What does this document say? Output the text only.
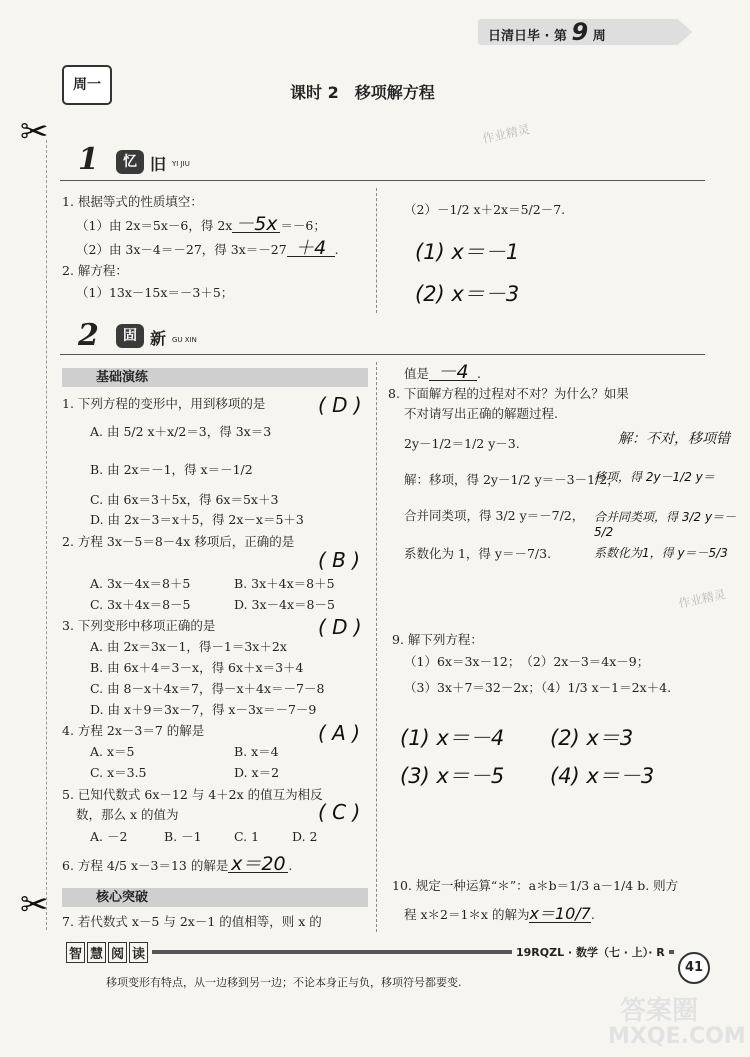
日清日毕 · 第 9 周
周一	课时 2　移项解方程
✂
✂
作业精灵
作业精灵
1	忆 旧 YI JIU
1. 根据等式的性质填空：
（1）由 2x＝5x－6，得 2x －5x ＝－6；
（2）由 3x－4＝－27，得 3x＝－27 ＋4 .
2. 解方程：
（1）13x－15x＝－3＋5；
（2）－1/2 x＋2x＝5/2－7.
(1) x＝－1
(2) x＝－3
2	固 新 GU XIN
基础演练
1. 下列方程的变形中，用到移项的是	( D )
A. 由 5/2 x＋x/2＝3，得 3x＝3
B. 由 2x＝－1，得 x＝－1/2
C. 由 6x＝3＋5x，得 6x＝5x＋3
D. 由 2x－3＝x＋5，得 2x－x＝5＋3
2. 方程 3x－5＝8－4x 移项后，正确的是
( B )
A. 3x－4x＝8＋5	B. 3x＋4x＝8＋5
C. 3x＋4x＝8－5	D. 3x－4x＝8－5
3. 下列变形中移项正确的是	( D )
A. 由 2x＝3x－1，得－1＝3x＋2x
B. 由 6x＋4＝3－x，得 6x＋x＝3＋4
C. 由 8－x＋4x＝7，得－x＋4x＝－7－8
D. 由 x＋9＝3x－7，得 x－3x＝－7－9
4. 方程 2x－3＝7 的解是	( A )
A. x＝5	B. x＝4
C. x＝3.5	D. x＝2
5. 已知代数式 6x－12 与 4＋2x 的值互为相反
数，那么 x 的值为	( C )
A. －2	B. －1	C. 1	D. 2
6. 方程 4/5 x－3＝13 的解是 x＝20 .
核心突破
7. 若代数式 x－5 与 2x－1 的值相等，则 x 的
值是 －4 .
8. 下面解方程的过程对不对？为什么？如果
不对请写出正确的解题过程.
2y－1/2＝1/2 y－3.
解：移项，得 2y－1/2 y＝－3－1/2，
合并同类项，得 3/2 y＝－7/2，
系数化为 1，得 y＝－7/3.
解：不对，移项错
移项，得 2y－1/2 y＝
合并同类项，得 3/2 y＝－5/2
系数化为1，得 y＝－5/3
9. 解下列方程：
（1）6x＝3x－12；　（2）2x－3＝4x－9；
（3）3x＋7＝32－2x；（4）1/3 x－1＝2x＋4.
(1) x＝－4 (2) x＝3
(3) x＝－5 (4) x＝－3
10. 规定一种运算“＊”：a＊b＝1/3 a－1/4 b. 则方
程 x＊2＝1＊x 的解为x＝10/7.
智 慧 阅 读	19RQZL · 数学（七 · 上）· R
41
移项变形有特点，从一边移到另一边；不论本身正与负，移项符号都要变.
答案圈
MXQE.COM
